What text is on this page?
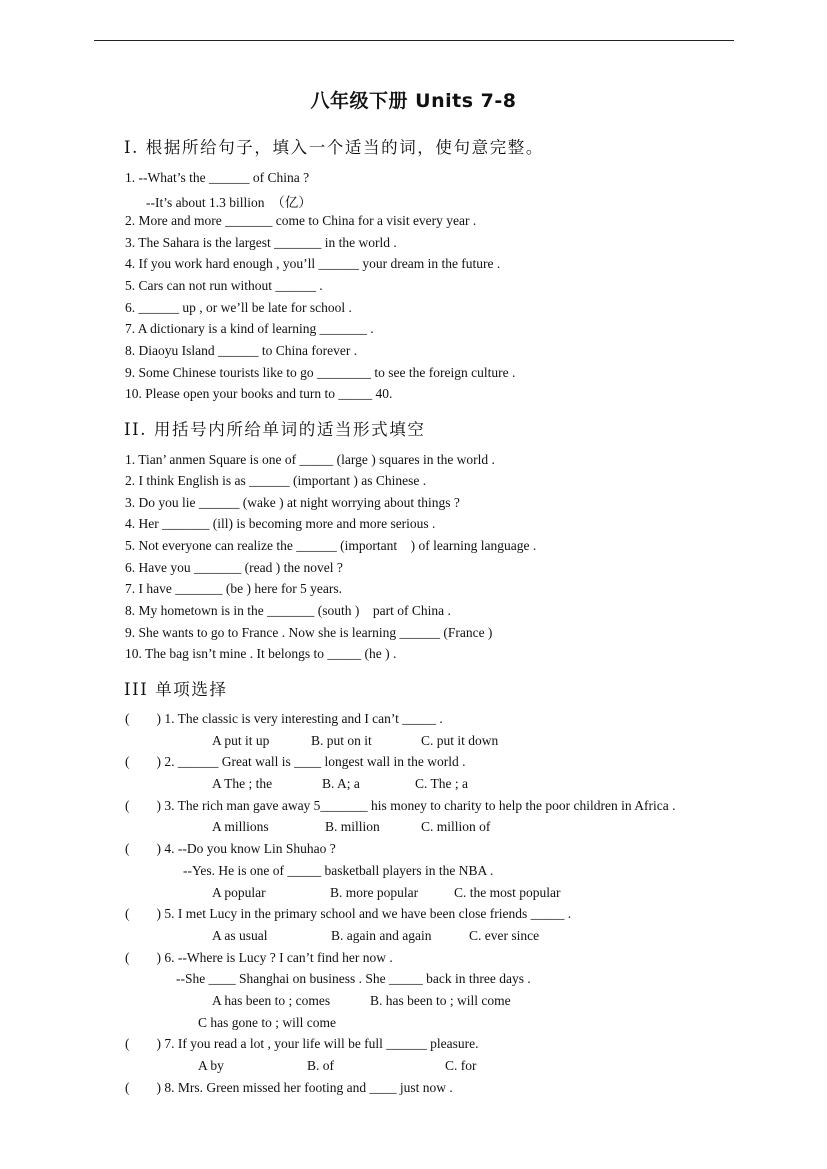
八年级下册 Units 7-8
I. 根据所给句子，填入一个适当的词，使句意完整。
1. --What’s the ______ of China ?
--It’s about 1.3 billion  （亿）
2. More and more _______ come to China for a visit every year .
3. The Sahara is the largest _______ in the world .
4. If you work hard enough , you’ll ______ your dream in the future .
5. Cars can not run without ______ .
6. ______ up , or we’ll be late for school .
7. A dictionary is a kind of learning _______ .
8. Diaoyu Island ______ to China forever .
9. Some Chinese tourists like to go ________ to see the foreign culture .
10. Please open your books and turn to _____ 40.
II. 用括号内所给单词的适当形式填空
1. Tian’ anmen Square is one of _____ (large ) squares in the world .
2. I think English is as ______ (important ) as Chinese .
3. Do you lie ______ (wake ) at night worrying about things ?
4. Her _______ (ill) is becoming more and more serious .
5. Not everyone can realize the ______ (important    ) of learning language .
6. Have you _______ (read ) the novel ?
7. I have _______ (be ) here for 5 years.
8. My hometown is in the _______ (south )    part of China .
9. She wants to go to France . Now she is learning ______ (France )
10. The bag isn’t mine . It belongs to _____ (he ) .
III 单项选择
(        ) 1. The classic is very interesting and I can’t _____ .
A put it up	B. put on it	C. put it down
(        ) 2. ______ Great wall is ____ longest wall in the world .
A The ; the	B. A; a	C. The ; a
(        ) 3. The rich man gave away 5_______ his money to charity to help the poor children in Africa .
A millions	B. million	C. million of
(        ) 4. --Do you know Lin Shuhao ?
--Yes. He is one of _____ basketball players in the NBA .
A popular	B. more popular	C. the most popular
(        ) 5. I met Lucy in the primary school and we have been close friends _____ .
A as usual	B. again and again	C. ever since
(        ) 6. --Where is Lucy ? I can’t find her now .
--She ____ Shanghai on business . She _____ back in three days .
A has been to ; comes	B. has been to ; will come
C has gone to ; will come
(        ) 7. If you read a lot , your life will be full ______ pleasure.
A by	B. of	C. for
(        ) 8. Mrs. Green missed her footing and ____ just now .
